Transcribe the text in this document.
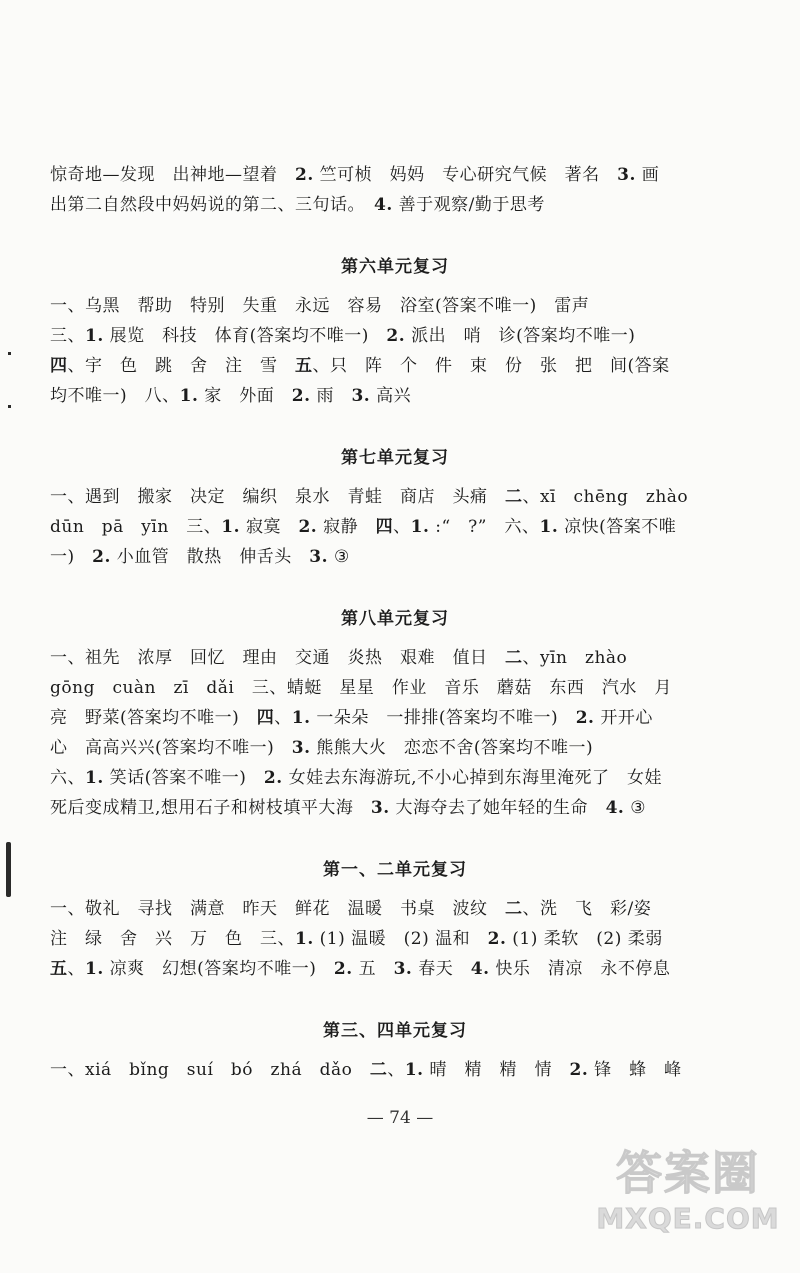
惊奇地—发现　出神地—望着　2. 竺可桢　妈妈　专心研究气候　著名　3. 画

出第二自然段中妈妈说的第二、三句话。　4. 善于观察/勤于思考

第六单元复习

一、乌黑　帮助　特别　失重　永远　容易　浴室(答案不唯一)　雷声

三、1. 展览　科技　体育(答案均不唯一)　2. 派出　哨　诊(答案均不唯一)

四、宇　色　跳　舍　注　雪　五、只　阵　个　件　束　份　张　把　间(答案

均不唯一)　八、1. 家　外面　2. 雨　3. 高兴

第七单元复习

一、遇到　搬家　决定　编织　泉水　青蛙　商店　头痛　二、xī　chēng　zhào

dūn　pā　yīn　三、1. 寂寞　2. 寂静　四、1. :“　?”　六、1. 凉快(答案不唯

一)　2. 小血管　散热　伸舌头　3. ③

第八单元复习

一、祖先　浓厚　回忆　理由　交通　炎热　艰难　值日　二、yīn　zhào

gōng　cuàn　zī　dǎi　三、蜻蜓　星星　作业　音乐　蘑菇　东西　汽水　月

亮　野菜(答案均不唯一)　四、1. 一朵朵　一排排(答案均不唯一)　2. 开开心

心　高高兴兴(答案均不唯一)　3. 熊熊大火　恋恋不舍(答案均不唯一)

六、1. 笑话(答案不唯一)　2. 女娃去东海游玩,不小心掉到东海里淹死了　女娃

死后变成精卫,想用石子和树枝填平大海　3. 大海夺去了她年轻的生命　4. ③

第一、二单元复习

一、敬礼　寻找　满意　昨天　鲜花　温暖　书桌　波纹　二、洗　飞　彩/姿

注　绿　舍　兴　万　色　三、1. (1) 温暖　(2) 温和　2. (1) 柔软　(2) 柔弱

五、1. 凉爽　幻想(答案均不唯一)　2. 五　3. 春天　4. 快乐　清凉　永不停息

第三、四单元复习

一、xiá　bǐng　suí　bó　zhá　dǎo　二、1. 晴　精　精　情　2. 锋　蜂　峰

— 74 —
答案圈
MXQE.COM
